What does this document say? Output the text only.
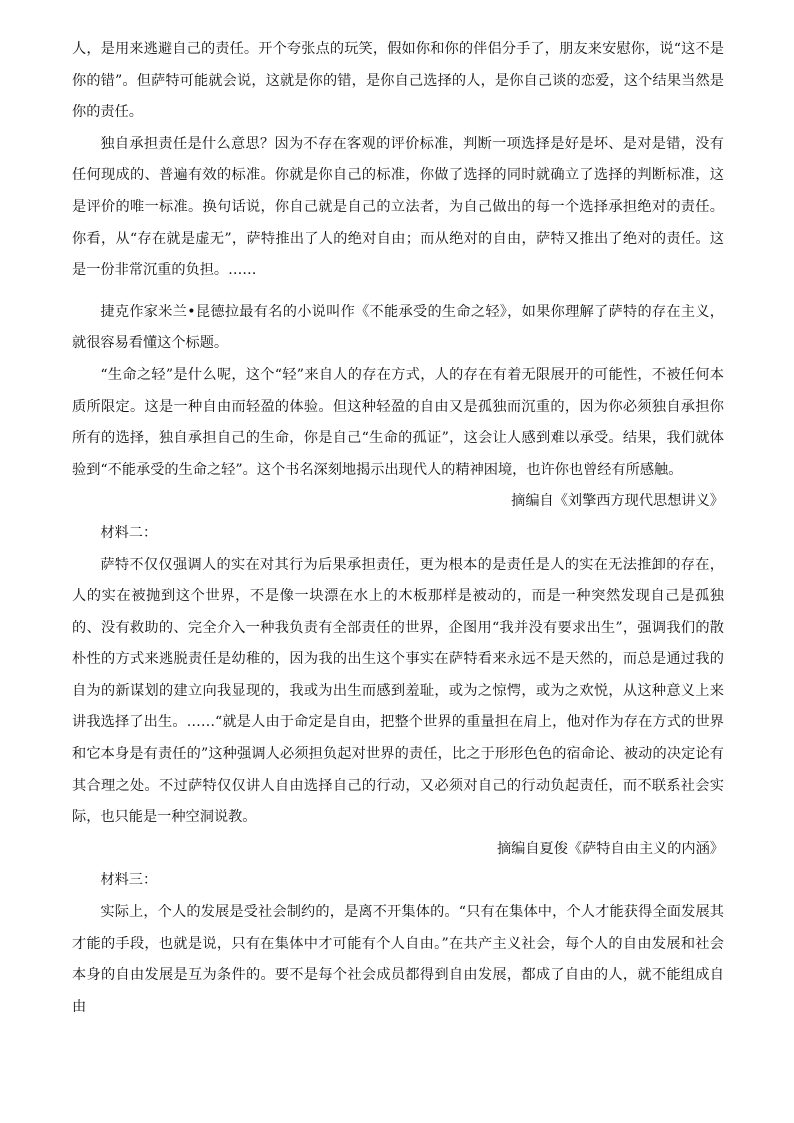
人，是用来逃避自己的责任。开个夸张点的玩笑，假如你和你的伴侣分手了，朋友来安慰你，说“这不是你的错”。但萨特可能就会说，这就是你的错，是你自己选择的人，是你自己谈的恋爱，这个结果当然是你的责任。

独自承担责任是什么意思？因为不存在客观的评价标准，判断一项选择是好是坏、是对是错，没有任何现成的、普遍有效的标准。你就是你自己的标准，你做了选择的同时就确立了选择的判断标准，这是评价的唯一标准。换句话说，你自己就是自己的立法者，为自己做出的每一个选择承担绝对的责任。你看，从“存在就是虚无”，萨特推出了人的绝对自由；而从绝对的自由，萨特又推出了绝对的责任。这是一份非常沉重的负担。……

捷克作家米兰•昆德拉最有名的小说叫作《不能承受的生命之轻》，如果你理解了萨特的存在主义，就很容易看懂这个标题。

“生命之轻”是什么呢，这个“轻”来自人的存在方式，人的存在有着无限展开的可能性，不被任何本质所限定。这是一种自由而轻盈的体验。但这种轻盈的自由又是孤独而沉重的，因为你必须独自承担你所有的选择，独自承担自己的生命，你是自己“生命的孤证”，这会让人感到难以承受。结果，我们就体验到“不能承受的生命之轻”。这个书名深刻地揭示出现代人的精神困境，也许你也曾经有所感触。

摘编自《刘擎西方现代思想讲义》

材料二：

萨特不仅仅强调人的实在对其行为后果承担责任，更为根本的是责任是人的实在无法推卸的存在，人的实在被抛到这个世界，不是像一块漂在水上的木板那样是被动的，而是一种突然发现自己是孤独的、没有救助的、完全介入一种我负责有全部责任的世界，企图用“我并没有要求出生”，强调我们的散朴性的方式来逃脱责任是幼稚的，因为我的出生这个事实在萨特看来永远不是天然的，而总是通过我的自为的新谋划的建立向我显现的，我或为出生而感到羞耻，或为之惊愕，或为之欢悦，从这种意义上来讲我选择了出生。……“就是人由于命定是自由，把整个世界的重量担在肩上，他对作为存在方式的世界和它本身是有责任的”这种强调人必须担负起对世界的责任，比之于形形色色的宿命论、被动的决定论有其合理之处。不过萨特仅仅讲人自由选择自己的行动，又必须对自己的行动负起责任，而不联系社会实际，也只能是一种空洞说教。

摘编自夏俊《萨特自由主义的内涵》

材料三：

实际上，个人的发展是受社会制约的，是离不开集体的。“只有在集体中，个人才能获得全面发展其才能的手段，也就是说，只有在集体中才可能有个人自由。”在共产主义社会，每个人的自由发展和社会本身的自由发展是互为条件的。要不是每个社会成员都得到自由发展，都成了自由的人，就不能组成自由
